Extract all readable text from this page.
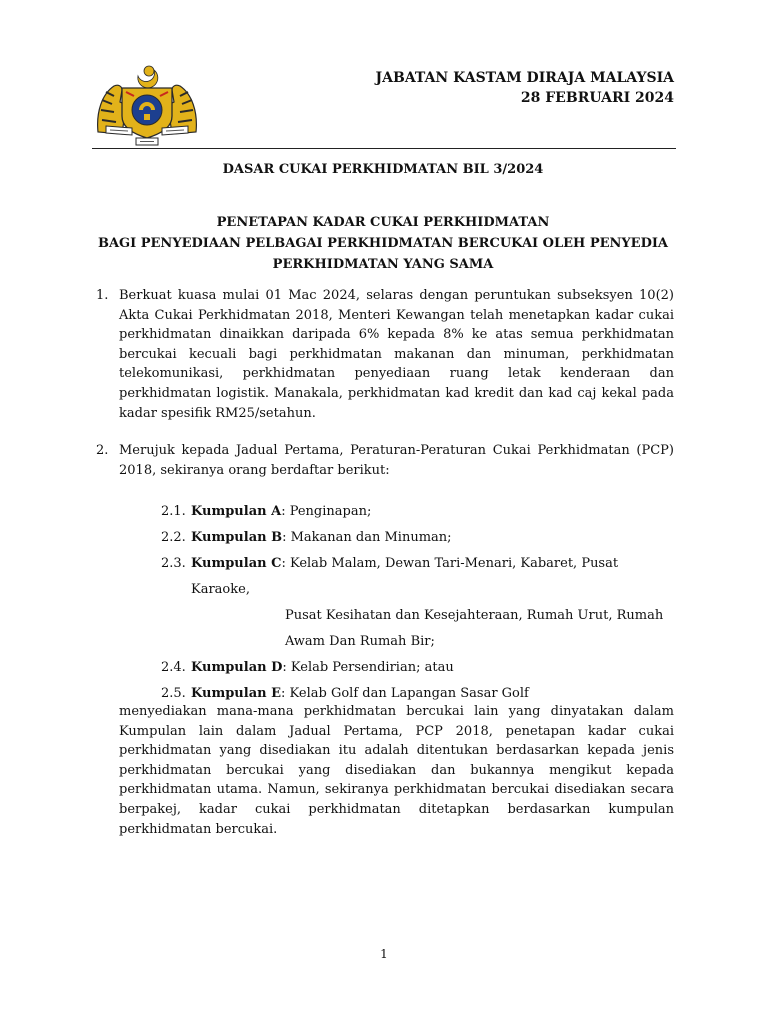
JABATAN KASTAM DIRAJA MALAYSIA
28 FEBRUARI 2024
DASAR CUKAI PERKHIDMATAN BIL 3/2024
PENETAPAN KADAR CUKAI PERKHIDMATAN
BAGI PENYEDIAAN PELBAGAI PERKHIDMATAN BERCUKAI OLEH PENYEDIA
PERKHIDMATAN YANG SAMA
1. Berkuat kuasa mulai 01 Mac 2024, selaras dengan peruntukan subseksyen 10(2) Akta Cukai Perkhidmatan 2018, Menteri Kewangan telah menetapkan kadar cukai perkhidmatan dinaikkan daripada 6% kepada 8% ke atas semua perkhidmatan bercukai kecuali bagi perkhidmatan makanan dan minuman, perkhidmatan telekomunikasi, perkhidmatan penyediaan ruang letak kenderaan dan perkhidmatan logistik. Manakala, perkhidmatan kad kredit dan kad caj kekal pada kadar spesifik RM25/setahun.
2. Merujuk kepada Jadual Pertama, Peraturan-Peraturan Cukai Perkhidmatan (PCP) 2018, sekiranya orang berdaftar berikut:
2.1. Kumpulan A: Penginapan;
2.2. Kumpulan B: Makanan dan Minuman;
2.3. Kumpulan C: Kelab Malam, Dewan Tari-Menari, Kabaret, Pusat Karaoke,
Pusat Kesihatan dan Kesejahteraan, Rumah Urut, Rumah
Awam Dan Rumah Bir;
2.4. Kumpulan D: Kelab Persendirian; atau
2.5. Kumpulan E: Kelab Golf dan Lapangan Sasar Golf
menyediakan mana-mana perkhidmatan bercukai lain yang dinyatakan dalam Kumpulan lain dalam Jadual Pertama, PCP 2018, penetapan kadar cukai perkhidmatan yang disediakan itu adalah ditentukan berdasarkan kepada jenis perkhidmatan bercukai yang disediakan dan bukannya mengikut kepada perkhidmatan utama. Namun, sekiranya perkhidmatan bercukai disediakan secara berpakej, kadar cukai perkhidmatan ditetapkan berdasarkan kumpulan perkhidmatan bercukai.
1
